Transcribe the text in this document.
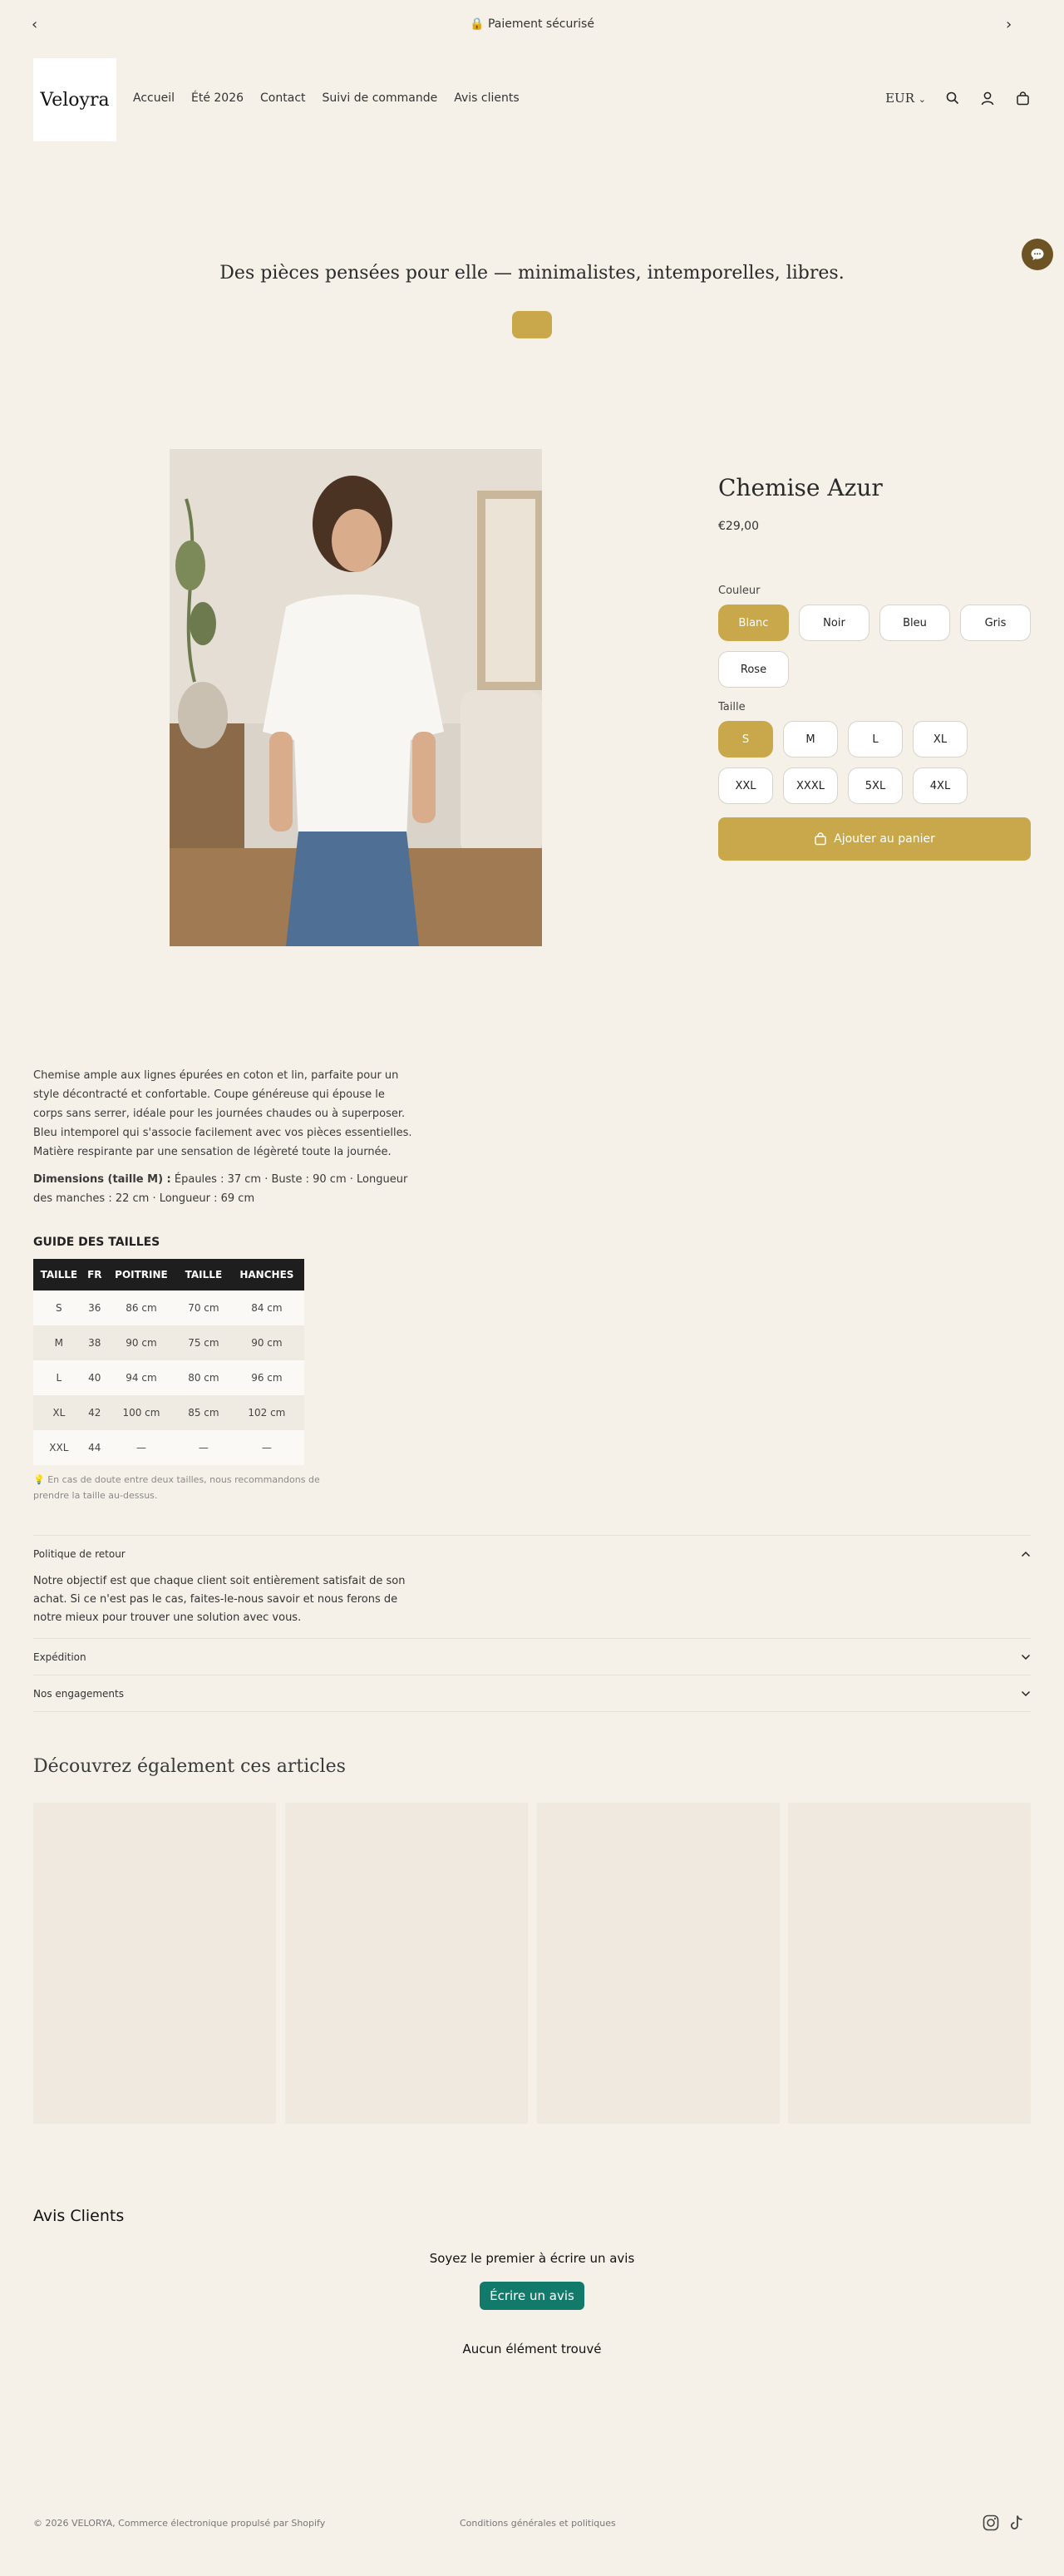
‹	🔒 Paiement sécurisé	›
Veloyra	Accueil Été 2026 Contact Suivi de commande Avis clients	EUR ⌄
Des pièces pensées pour elle — minimalistes, intemporelles, libres.
Chemise Azur
€29,00
Couleur
Blanc	Noir	Bleu	Gris
Rose
Taille
S	M	L	XL
XXL	XXXL	5XL	4XL
Ajouter au panier

Chemise ample aux lignes épurées en coton et lin, parfaite pour un style décontracté et confortable. Coupe généreuse qui épouse le corps sans serrer, idéale pour les journées chaudes ou à superposer. Bleu intemporel qui s'associe facilement avec vos pièces essentielles. Matière respirante par une sensation de légèreté toute la journée.

Dimensions (taille M) : Épaules : 37 cm · Buste : 90 cm · Longueur des manches : 22 cm · Longueur : 69 cm

GUIDE DES TAILLES
TAILLE	FR	POITRINE	TAILLE	HANCHES
S	36	86 cm	70 cm	84 cm
M	38	90 cm	75 cm	90 cm
L	40	94 cm	80 cm	96 cm
XL	42	100 cm	85 cm	102 cm
XXL	44	—	—	—
💡 En cas de doute entre deux tailles, nous recommandons de prendre la taille au-dessus.
Politique de retour
Notre objectif est que chaque client soit entièrement satisfait de son achat. Si ce n'est pas le cas, faites-le-nous savoir et nous ferons de notre mieux pour trouver une solution avec vous.
Expédition
Nos engagements
Découvrez également ces articles
Avis Clients
Soyez le premier à écrire un avis
Écrire un avis
Aucun élément trouvé
© 2026 VELORYA, Commerce électronique propulsé par Shopify	Conditions générales et politiques
